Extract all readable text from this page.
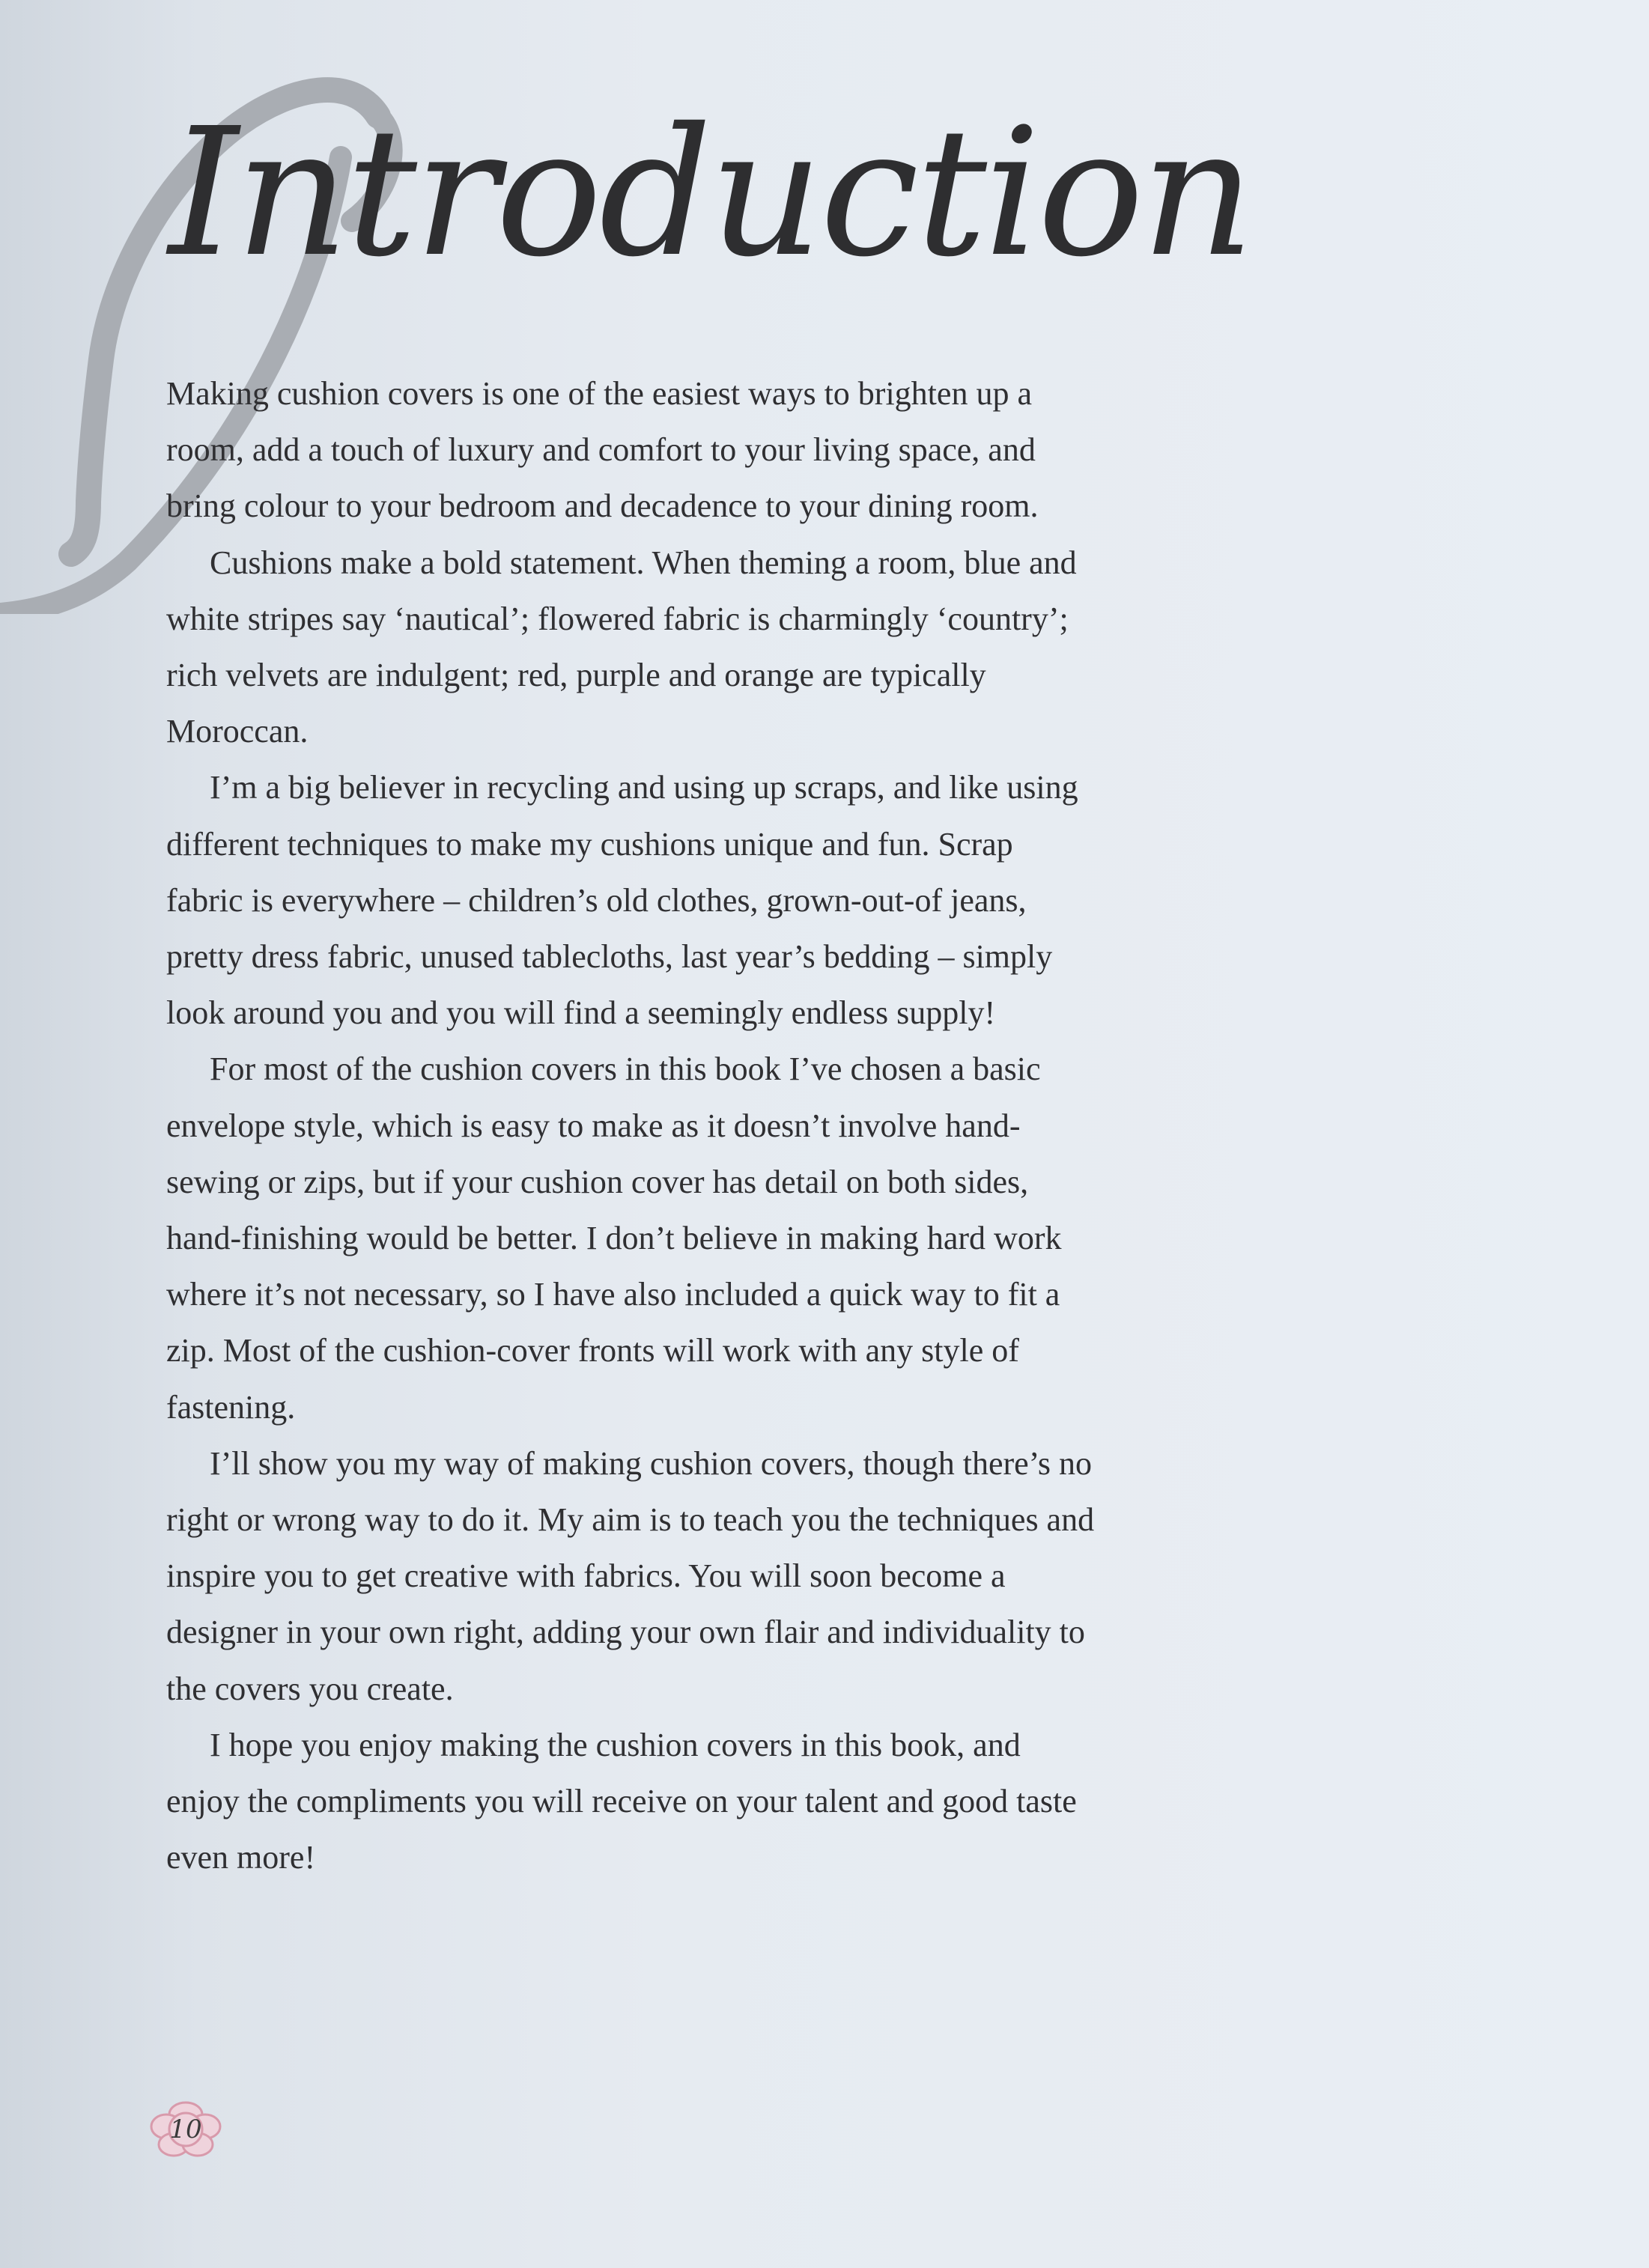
Introduction

Making cushion covers is one of the easiest ways to brighten up a room, add a touch of luxury and comfort to your living space, and bring colour to your bedroom and decadence to your dining room.

Cushions make a bold statement. When theming a room, blue and white stripes say ‘nautical’; flowered fabric is charmingly ‘country’; rich velvets are indulgent; red, purple and orange are typically Moroccan.

I’m a big believer in recycling and using up scraps, and like using different techniques to make my cushions unique and fun. Scrap fabric is everywhere – children’s old clothes, grown-out-of jeans, pretty dress fabric, unused tablecloths, last year’s bedding – simply look around you and you will find a seemingly endless supply!

For most of the cushion covers in this book I’ve chosen a basic envelope style, which is easy to make as it doesn’t involve hand-sewing or zips, but if your cushion cover has detail on both sides, hand-finishing would be better. I don’t believe in making hard work where it’s not necessary, so I have also included a quick way to fit a zip. Most of the cushion-cover fronts will work with any style of fastening.

I’ll show you my way of making cushion covers, though there’s no right or wrong way to do it. My aim is to teach you the techniques and inspire you to get creative with fabrics. You will soon become a designer in your own right, adding your own flair and individuality to the covers you create.

I hope you enjoy making the cushion covers in this book, and enjoy the compliments you will receive on your talent and good taste even more!

10
